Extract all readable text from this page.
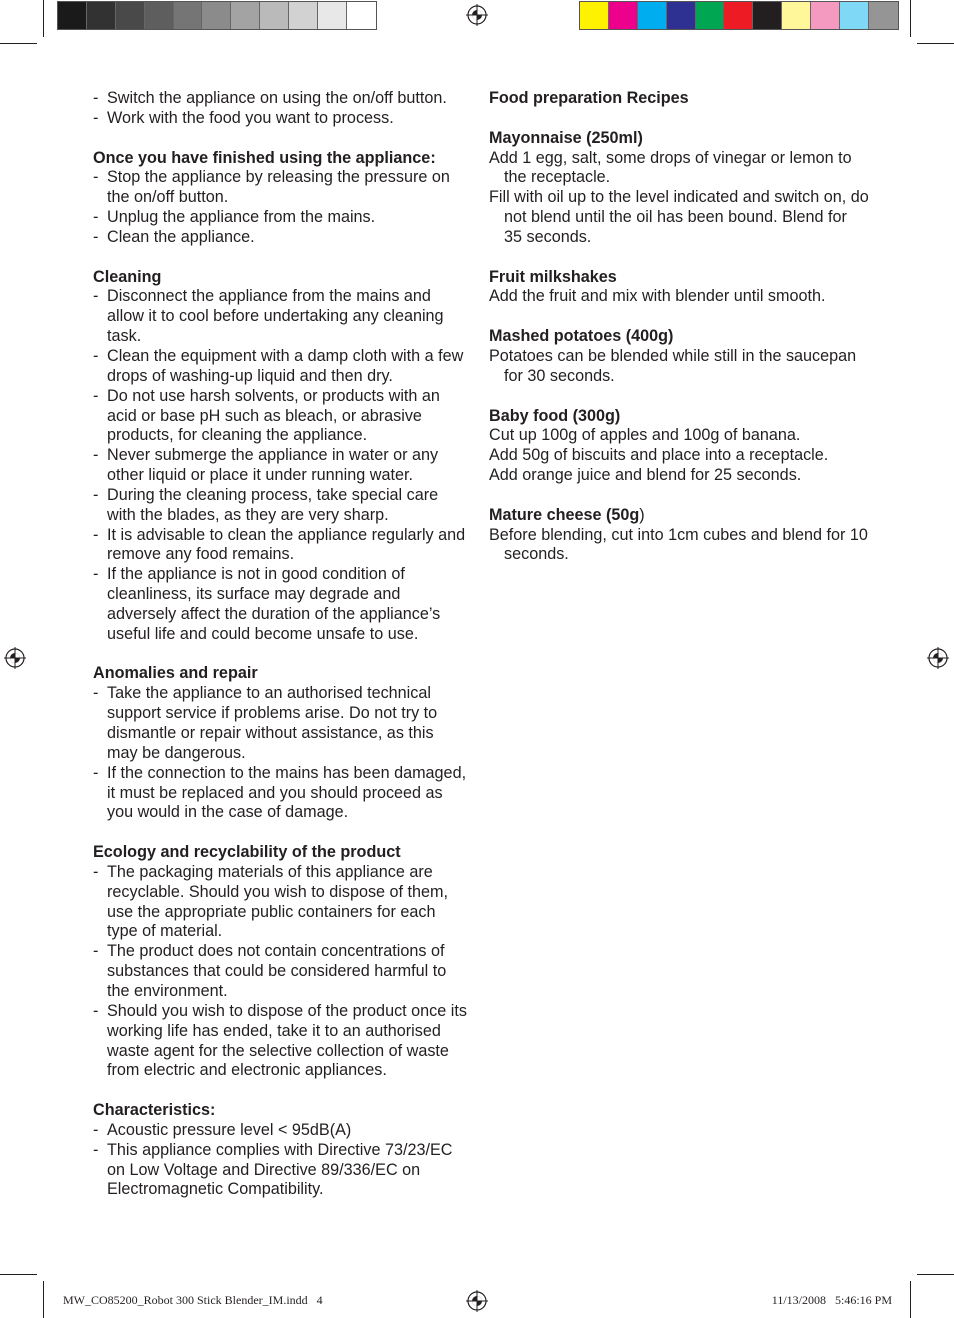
- Switch the appliance on using the on/off button.
- Work with the food you want to process.
Once you have finished using the appliance:
- Stop the appliance by releasing the pressure on the on/off button.
- Unplug the appliance from the mains.
- Clean the appliance.
Cleaning
- Disconnect the appliance from the mains and allow it to cool before undertaking any cleaning task.
- Clean the equipment with a damp cloth with a few drops of washing-up liquid and then dry.
- Do not use harsh solvents, or products with an acid or base pH such as bleach, or abrasive products, for cleaning the appliance.
- Never submerge the appliance in water or any other liquid or place it under running water.
- During the cleaning process, take special care with the blades, as they are very sharp.
- It is advisable to clean the appliance regularly and remove any food remains.
- If the appliance is not in good condition of cleanliness, its surface may degrade and adversely affect the duration of the appliance’s useful life and could become unsafe to use.
Anomalies and repair
- Take the appliance to an authorised technical support service if problems arise. Do not try to dismantle or repair without assistance, as this may be dangerous.
- If the connection to the mains has been damaged, it must be replaced and you should proceed as you would in the case of damage.
Ecology and recyclability of the product
- The packaging materials of this appliance are recyclable. Should you wish to dispose of them, use the appropriate public containers for each type of material.
- The product does not contain concentrations of substances that could be considered harmful to the environment.
- Should you wish to dispose of the product once its working life has ended, take it to an authorised waste agent for the selective collection of waste from electric and electronic appliances.
Characteristics:
- Acoustic pressure level < 95dB(A)
- This appliance complies with Directive 73/23/EC on Low Voltage and Directive 89/336/EC on Electromagnetic Compatibility.
Food preparation Recipes
Mayonnaise (250ml)
Add 1 egg, salt, some drops of vinegar or lemon to the receptacle.
Fill with oil up to the level indicated and switch on, do not blend until the oil has been bound. Blend for 35 seconds.
Fruit milkshakes
Add the fruit and mix with blender until smooth.
Mashed potatoes (400g)
Potatoes can be blended while still in the saucepan for 30 seconds.
Baby food (300g)
Cut up 100g of apples and 100g of banana.
Add 50g of biscuits and place into a receptacle.
Add orange juice and blend for 25 seconds.
Mature cheese (50g)
Before blending, cut into 1cm cubes and blend for 10 seconds.
MW_CO85200_Robot 300 Stick Blender_IM.indd   4	11/13/2008   5:46:16 PM
